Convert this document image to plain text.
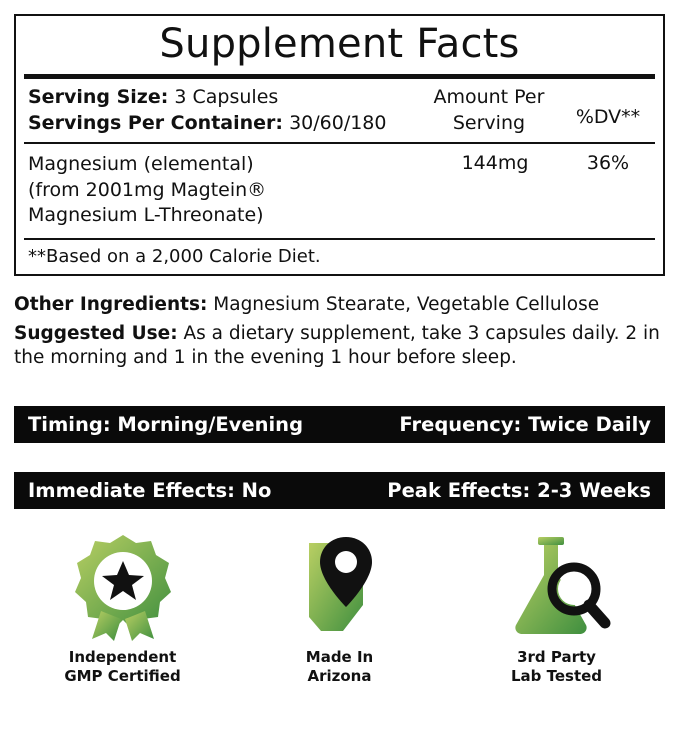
Supplement Facts
Serving Size: 3 Capsules
Servings Per Container: 30/60/180
Amount Per
Serving	%DV**
Magnesium (elemental)
(from 2001mg Magtein®
Magnesium L-Threonate)
144mg	36%
**Based on a 2,000 Calorie Diet.
Other Ingredients: Magnesium Stearate, Vegetable Cellulose
Suggested Use: As a dietary supplement, take 3 capsules daily. 2 in the morning and 1 in the evening 1 hour before sleep.
Timing: Morning/Evening	Frequency: Twice Daily
Immediate Effects: No	Peak Effects: 2-3 Weeks
Independent
GMP Certified
Made In
Arizona
3rd Party
Lab Tested
